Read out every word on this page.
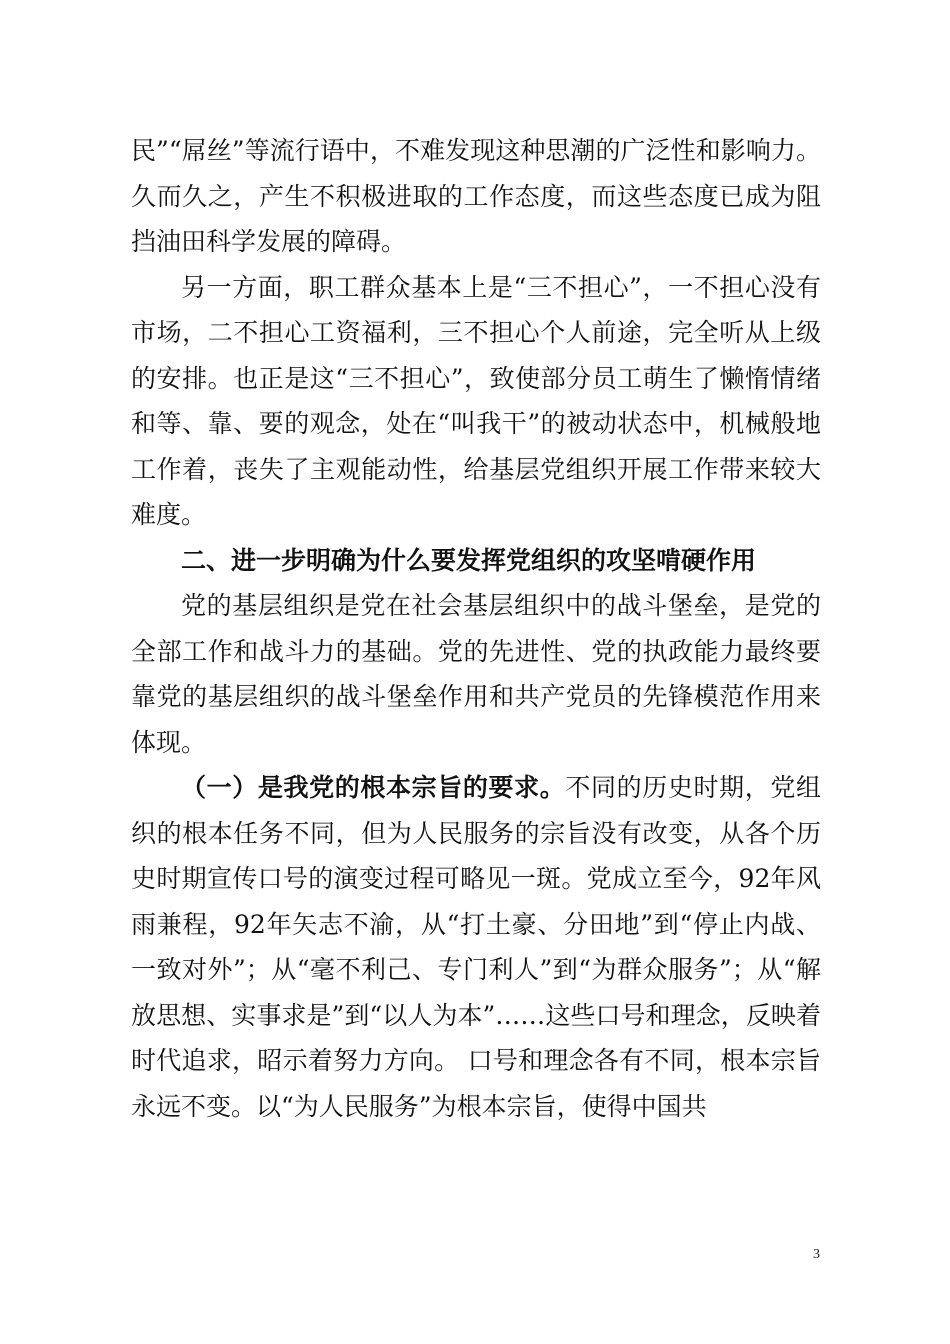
民”“屌丝”等流行语中，不难发现这种思潮的广泛性和影响力。久而久之，产生不积极进取的工作态度，而这些态度已成为阻挡油田科学发展的障碍。

另一方面，职工群众基本上是“三不担心”，一不担心没有市场，二不担心工资福利，三不担心个人前途，完全听从上级的安排。也正是这“三不担心”，致使部分员工萌生了懒惰情绪和等、靠、要的观念，处在“叫我干”的被动状态中，机械般地工作着，丧失了主观能动性，给基层党组织开展工作带来较大难度。

二、进一步明确为什么要发挥党组织的攻坚啃硬作用

党的基层组织是党在社会基层组织中的战斗堡垒，是党的全部工作和战斗力的基础。党的先进性、党的执政能力最终要靠党的基层组织的战斗堡垒作用和共产党员的先锋模范作用来体现。

（一）是我党的根本宗旨的要求。不同的历史时期，党组织的根本任务不同，但为人民服务的宗旨没有改变，从各个历史时期宣传口号的演变过程可略见一斑。党成立至今，92年风雨兼程，92年矢志不渝，从“打土豪、分田地”到“停止内战、一致对外”；从“毫不利己、专门利人”到“为群众服务”；从“解放思想、实事求是”到“以人为本”……这些口号和理念，反映着时代追求，昭示着努力方向。 口号和理念各有不同，根本宗旨永远不变。以“为人民服务”为根本宗旨，使得中国共

3
